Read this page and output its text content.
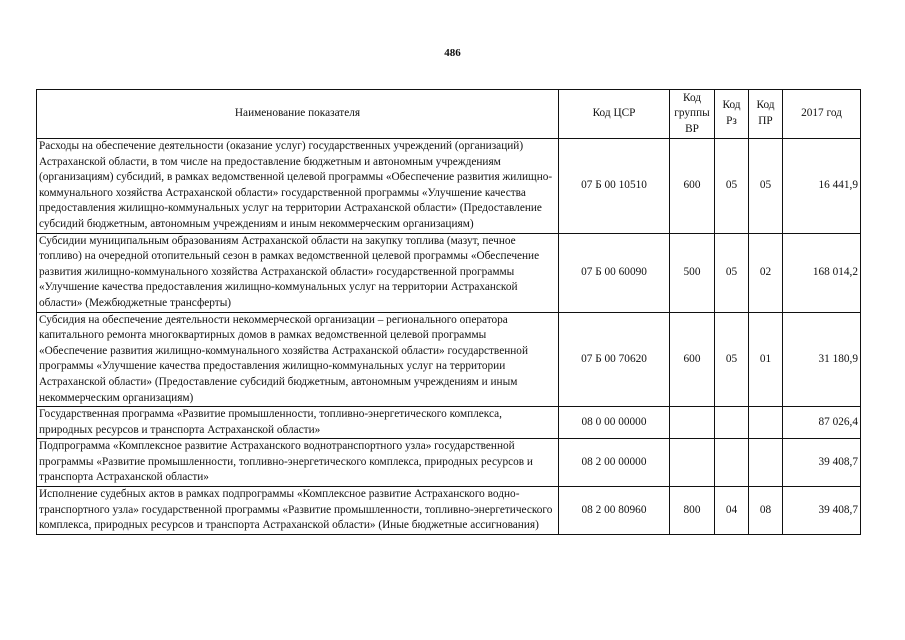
486
Наименование показателя	Код ЦСР	Код группы ВР	Код Рз	Код ПР	2017 год
Расходы на обеспечение деятельности (оказание услуг) государственных учреждений (организаций) Астраханской области, в том числе на предоставление бюджетным и автономным учреждениям (организациям) субсидий, в рамках ведомственной целевой программы «Обеспечение развития жилищно-коммунального хозяйства Астраханской области» государственной программы «Улучшение качества предоставления жилищно-коммунальных услуг на территории Астраханской области» (Предоставление субсидий бюджетным, автономным учреждениям и иным некоммерческим организациям)	07 Б 00 10510	600	05	05	16 441,9
Субсидии муниципальным образованиям Астраханской области на закупку топлива (мазут, печное топливо) на очередной отопительный сезон в рамках ведомственной целевой программы «Обеспечение развития жилищно-коммунального хозяйства Астраханской области» государственной программы «Улучшение качества предоставления жилищно-коммунальных услуг на территории Астраханской области» (Межбюджетные трансферты)	07 Б 00 60090	500	05	02	168 014,2
Субсидия на обеспечение деятельности некоммерческой организации – регионального оператора капитального ремонта многоквартирных домов в рамках ведомственной целевой программы «Обеспечение развития жилищно-коммунального хозяйства Астраханской области» государственной программы «Улучшение качества предоставления жилищно-коммунальных услуг на территории Астраханской области» (Предоставление субсидий бюджетным, автономным учреждениям и иным некоммерческим организациям)	07 Б 00 70620	600	05	01	31 180,9
Государственная программа «Развитие промышленности, топливно-энергетического комплекса, природных ресурсов и транспорта Астраханской области»	08 0 00 00000				87 026,4
Подпрограмма «Комплексное развитие Астраханского воднотранспортного узла» государственной программы «Развитие промышленности, топливно-энергетического комплекса, природных ресурсов и транспорта Астраханской области»	08 2 00 00000				39 408,7
Исполнение судебных актов в рамках подпрограммы «Комплексное развитие Астраханского воднотранспортного узла» государственной программы «Развитие промышленности, топливно-энергетического комплекса, природных ресурсов и транспорта Астраханской области» (Иные бюджетные ассигнования)	08 2 00 80960	800	04	08	39 408,7
